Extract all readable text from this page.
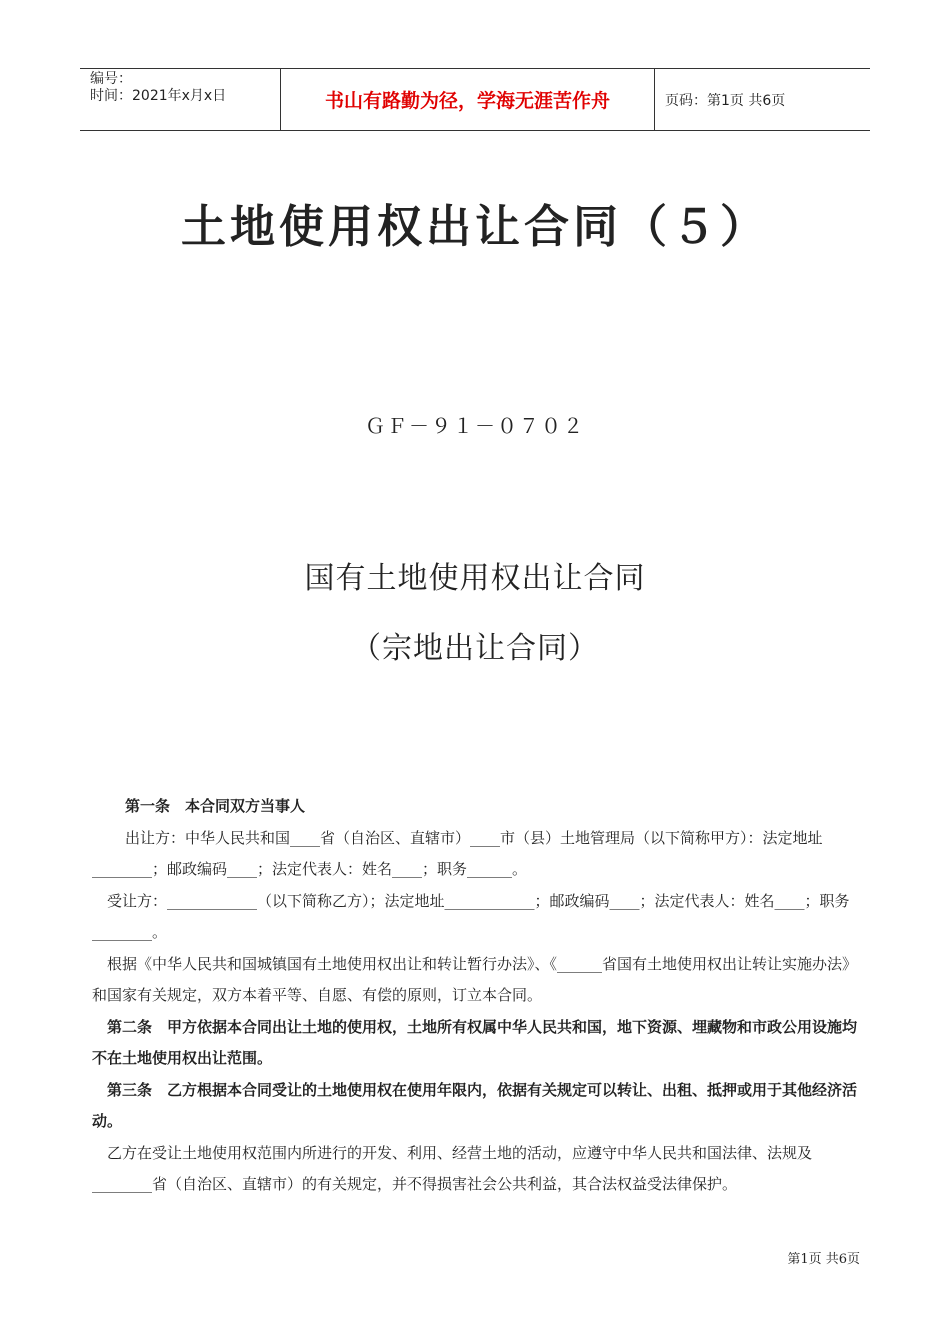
编号：
时间：2021年x月x日	书山有路勤为径，学海无涯苦作舟	页码：第1页 共6页
土地使用权出让合同（５）
ＧＦ－９１－０７０２
国有土地使用权出让合同
（宗地出让合同）

第一条　本合同双方当事人

出让方：中华人民共和国____省（自治区、直辖市）____市（县）土地管理局（以下简称甲方）：法定地址________；邮政编码____；法定代表人：姓名____；职务______。

受让方：____________（以下简称乙方）；法定地址____________；邮政编码____；法定代表人：姓名____；职务________。

根据《中华人民共和国城镇国有土地使用权出让和转让暂行办法》、《______省国有土地使用权出让转让实施办法》和国家有关规定，双方本着平等、自愿、有偿的原则，订立本合同。

第二条　甲方依据本合同出让土地的使用权，土地所有权属中华人民共和国，地下资源、埋藏物和市政公用设施均不在土地使用权出让范围。

第三条　乙方根据本合同受让的土地使用权在使用年限内，依据有关规定可以转让、出租、抵押或用于其他经济活动。

乙方在受让土地使用权范围内所进行的开发、利用、经营土地的活动，应遵守中华人民共和国法律、法规及________省（自治区、直辖市）的有关规定，并不得损害社会公共利益，其合法权益受法律保护。

第1页 共6页
